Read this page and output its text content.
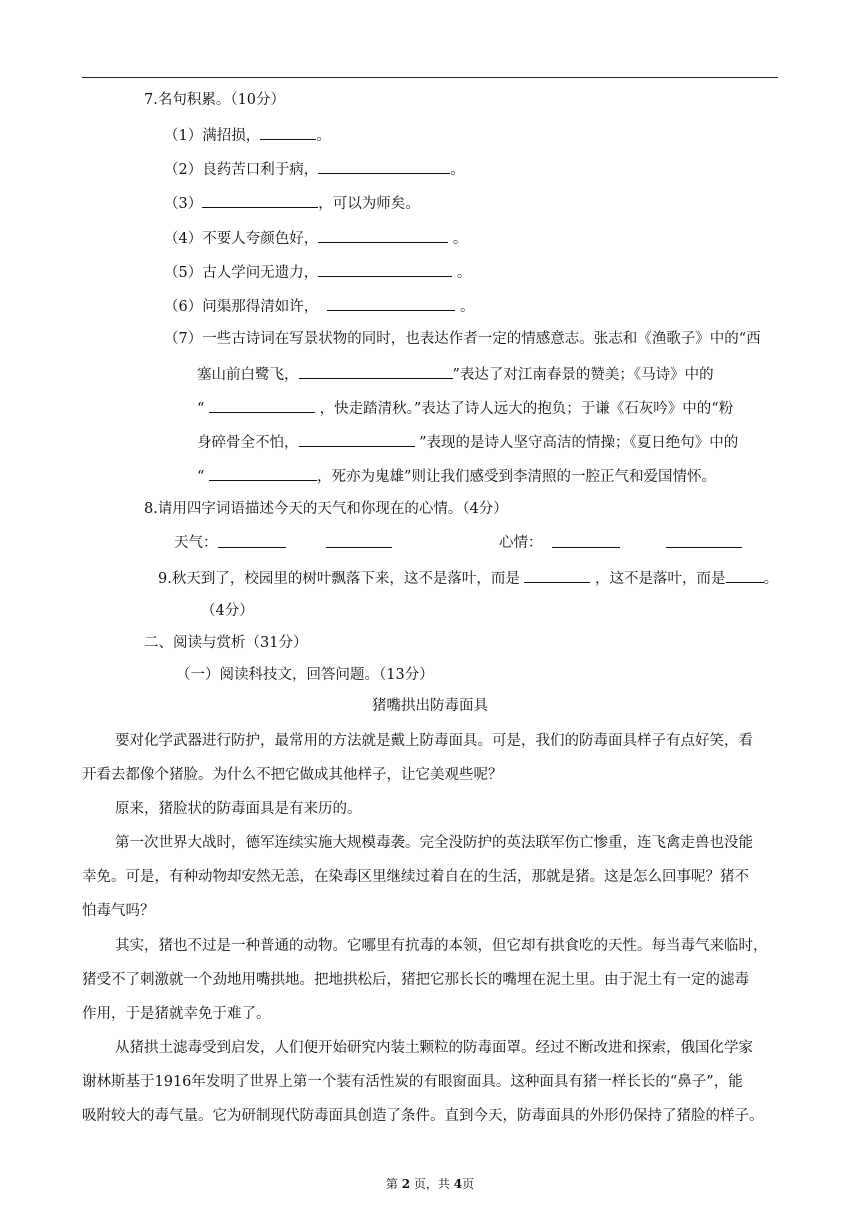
7.名句积累。（10分）
（1）满招损，	。
（2）良药苦口利于病，	。
（3）	，可以为师矣。
（4）不要人夸颜色好，	。
（5）古人学问无遗力，	。
（6）问渠那得清如许，	。
（7）一些古诗词在写景状物的同时，也表达作者一定的情感意志。张志和《渔歌子》中的“西
塞山前白鹭飞，	”表达了对江南春景的赞美；《马诗》中的
“	，快走踏清秋。”表达了诗人远大的抱负；于谦《石灰吟》中的“粉
身碎骨全不怕，	”表现的是诗人坚守高洁的情操；《夏日绝句》中的
“	，死亦为鬼雄”则让我们感受到李清照的一腔正气和爱国情怀。
8.请用四字词语描述今天的天气和你现在的心情。（4分）
天气：	心情：
9.秋天到了，校园里的树叶飘落下来，这不是落叶，而是	，这不是落叶，而是	。
（4分）
二、阅读与赏析（31分）
（一）阅读科技文，回答问题。（13分）
猪嘴拱出防毒面具
要对化学武器进行防护，最常用的方法就是戴上防毒面具。可是，我们的防毒面具样子有点好笑，看
开看去都像个猪脸。为什么不把它做成其他样子，让它美观些呢？
原来，猪脸状的防毒面具是有来历的。
第一次世界大战时，德军连续实施大规模毒袭。完全没防护的英法联军伤亡惨重，连飞禽走兽也没能
幸免。可是，有种动物却安然无恙，在染毒区里继续过着自在的生活，那就是猪。这是怎么回事呢？猪不
怕毒气吗？
其实，猪也不过是一种普通的动物。它哪里有抗毒的本领，但它却有拱食吃的天性。每当毒气来临时，
猪受不了刺激就一个劲地用嘴拱地。把地拱松后，猪把它那长长的嘴埋在泥土里。由于泥土有一定的滤毒
作用，于是猪就幸免于难了。
从猪拱土滤毒受到启发，人们便开始研究内装土颗粒的防毒面罩。经过不断改进和探索，俄国化学家
谢林斯基于1916年发明了世界上第一个装有活性炭的有眼窗面具。这种面具有猪一样长长的“鼻子”，能
吸附较大的毒气量。它为研制现代防毒面具创造了条件。直到今天，防毒面具的外形仍保持了猪脸的样子。
第 2 页，共 4页
